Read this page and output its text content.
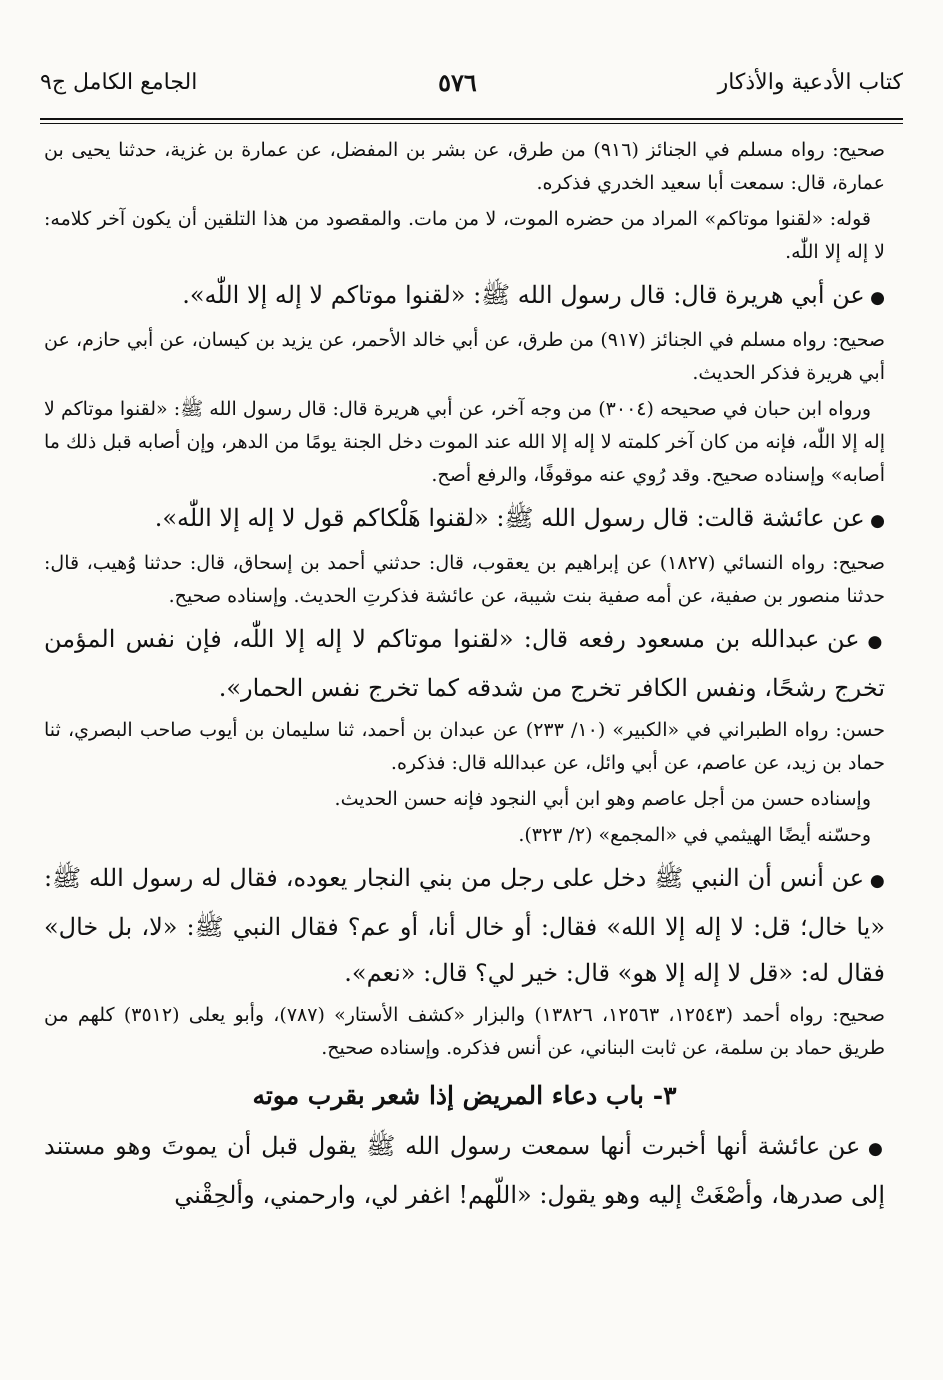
كتاب الأدعية والأذكار
٥٧٦
الجامع الكامل ج٩

صحيح: رواه مسلم في الجنائز (٩١٦) من طرق، عن بشر بن المفضل، عن عمارة بن غزية، حدثنا يحيى بن عمارة، قال: سمعت أبا سعيد الخدري فذكره.

قوله: «لقنوا موتاكم» المراد من حضره الموت، لا من مات. والمقصود من هذا التلقين أن يكون آخر كلامه: لا إله إلا اللّٰه.

● عن أبي هريرة قال: قال رسول الله ﷺ: «لقنوا موتاكم لا إله إلا اللّٰه».

صحيح: رواه مسلم في الجنائز (٩١٧) من طرق، عن أبي خالد الأحمر، عن يزيد بن كيسان، عن أبي حازم، عن أبي هريرة فذكر الحديث.

ورواه ابن حبان في صحيحه (٣٠٠٤) من وجه آخر، عن أبي هريرة قال: قال رسول الله ﷺ: «لقنوا موتاكم لا إله إلا اللّٰه، فإنه من كان آخر كلمته لا إله إلا الله عند الموت دخل الجنة يومًا من الدهر، وإن أصابه قبل ذلك ما أصابه» وإسناده صحيح. وقد رُوي عنه موقوفًا، والرفع أصح.

● عن عائشة قالت: قال رسول الله ﷺ: «لقنوا هَلْكاكم قول لا إله إلا اللّٰه».

صحيح: رواه النسائي (١٨٢٧) عن إبراهيم بن يعقوب، قال: حدثني أحمد بن إسحاق، قال: حدثنا وُهيب، قال: حدثنا منصور بن صفية، عن أمه صفية بنت شيبة، عن عائشة فذكرتِ الحديث. وإسناده صحيح.

● عن عبدالله بن مسعود رفعه قال: «لقنوا موتاكم لا إله إلا اللّٰه، فإن نفس المؤمن تخرج رشحًا، ونفس الكافر تخرج من شدقه كما تخرج نفس الحمار».

حسن: رواه الطبراني في «الكبير» (١٠/ ٢٣٣) عن عبدان بن أحمد، ثنا سليمان بن أيوب صاحب البصري، ثنا حماد بن زيد، عن عاصم، عن أبي وائل، عن عبدالله قال: فذكره.

وإسناده حسن من أجل عاصم وهو ابن أبي النجود فإنه حسن الحديث.

وحسّنه أيضًا الهيثمي في «المجمع» (٢/ ٣٢٣).

● عن أنس أن النبي ﷺ دخل على رجل من بني النجار يعوده، فقال له رسول الله ﷺ: «يا خال؛ قل: لا إله إلا الله» فقال: أو خال أنا، أو عم؟ فقال النبي ﷺ: «لا، بل خال» فقال له: «قل لا إله إلا هو» قال: خير لي؟ قال: «نعم».

صحيح: رواه أحمد (١٢٥٤٣، ١٢٥٦٣، ١٣٨٢٦) والبزار «كشف الأستار» (٧٨٧)، وأبو يعلى (٣٥١٢) كلهم من طريق حماد بن سلمة، عن ثابت البناني، عن أنس فذكره. وإسناده صحيح.

٣- باب دعاء المريض إذا شعر بقرب موته

● عن عائشة أنها أخبرت أنها سمعت رسول الله ﷺ يقول قبل أن يموتَ وهو مستند إلى صدرها، وأصْغَتْ إليه وهو يقول: «اللّهم! اغفر لي، وارحمني، وألحِقْني
